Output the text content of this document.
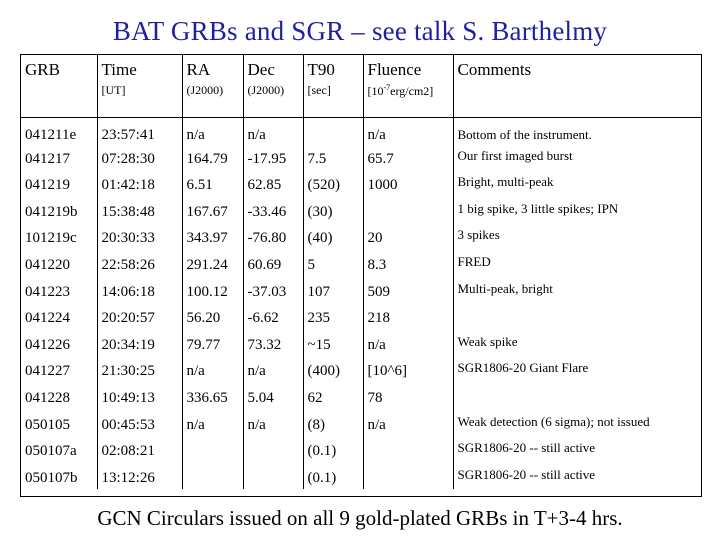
BAT GRBs and SGR – see talk S. Barthelmy
GRB	Time	RA	Dec	T90	Fluence	Comments
	[UT]	(J2000)	(J2000)	[sec]	$[10^{-7}erg/cm2]$	
041211e	23:57:41	n/a	n/a		n/a	Bottom of the instrument.
041217	07:28:30	164.79	-17.95	7.5	65.7	Our first imaged burst
041219	01:42:18	6.51	62.85	(520)	1000	Bright, multi-peak
041219b	15:38:48	167.67	-33.46	(30)		1 big spike, 3 little spikes; IPN
101219c	20:30:33	343.97	-76.80	(40)	20	3 spikes
041220	22:58:26	291.24	60.69	5	8.3	FRED
041223	14:06:18	100.12	-37.03	107	509	Multi-peak, bright
041224	20:20:57	56.20	-6.62	235	218	
041226	20:34:19	79.77	73.32	~15	n/a	Weak spike
041227	21:30:25	n/a	n/a	(400)	[10^6]	SGR1806-20 Giant Flare
041228	10:49:13	336.65	5.04	62	78	
050105	00:45:53	n/a	n/a	(8)	n/a	Weak detection (6 sigma); not issued
050107a	02:08:21			(0.1)		SGR1806-20 -- still active
050107b	13:12:26			(0.1)		SGR1806-20 -- still active
GCN Circulars issued on all 9 gold-plated GRBs in T+3-4 hrs.
